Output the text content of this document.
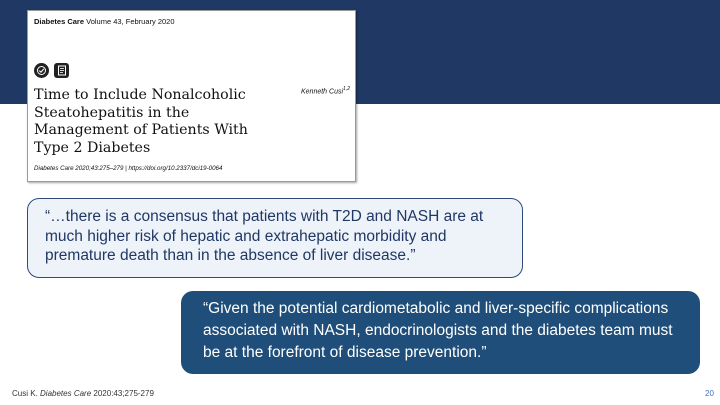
Diabetes Care Volume 43, February 2020
Time to Include Nonalcoholic Steatohepatitis in the Management of Patients With Type 2 Diabetes
Kenneth Cusi$^{1,2}$
Diabetes Care 2020;43:275–279 | https://doi.org/10.2337/dci19-0064
“…there is a consensus that patients with T2D and NASH are at much higher risk of hepatic and extrahepatic morbidity and premature death than in the absence of liver disease.”
“Given the potential cardiometabolic and liver-specific complications associated with NASH, endocrinologists and the diabetes team must be at the forefront of disease prevention.”
Cusi K. Diabetes Care 2020:43;275-279	20
